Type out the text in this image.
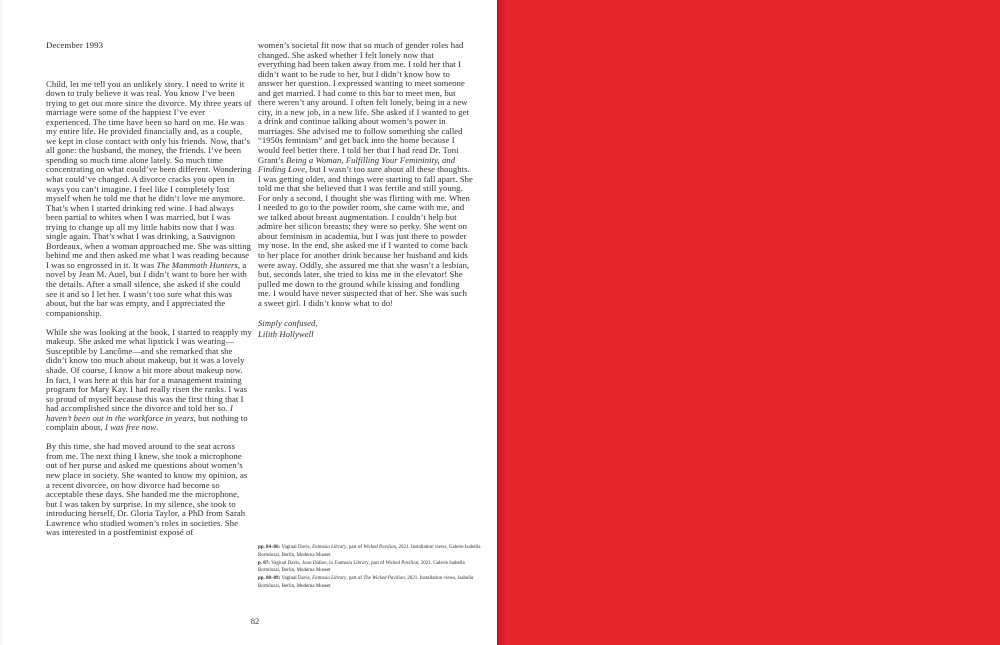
December 1993

Child, let me tell you an unlikely story. I need to write it down to truly believe it was real. You know I’ve been trying to get out more since the divorce. My three years of marriage were some of the happiest I’ve ever experienced. The time have been so hard on me. He was my entire life. He provided financially and, as a couple, we kept in close contact with only his friends. Now, that’s all gone: the husband, the money, the friends. I’ve been spending so much time alone lately. So much time concentrating on what could’ve been different. Wondering what could’ve changed. A divorce cracks you open in ways you can’t imagine. I feel like I completely lost myself when he told me that he didn’t love me anymore. That’s when I started drinking red wine. I had always been partial to whites when I was married, but I was trying to change up all my little habits now that I was single again. That’s what I was drinking, a Sauvignon Bordeaux, when a woman approached me. She was sitting behind me and then asked me what I was reading because I was so engrossed in it. It was The Mammoth Hunters, a novel by Jean M. Auel, but I didn’t want to bore her with the details. After a small silence, she asked if she could see it and so I let her. I wasn’t too sure what this was about, but the bar was empty, and I appreciated the companionship.

While she was looking at the book, I started to reapply my makeup. She asked me what lipstick I was wearing—Susceptible by Lancôme—and she remarked that she didn’t know too much about makeup, but it was a lovely shade. Of course, I know a bit more about makeup now. In fact, I was here at this bar for a management training program for Mary Kay. I had really risen the ranks. I was so proud of myself because this was the first thing that I had accomplished since the divorce and told her so. I haven’t been out in the workforce in years, but nothing to complain about, I was free now.

By this time, she had moved around to the seat across from me. The next thing I knew, she took a microphone out of her purse and asked me questions about women’s new place in society. She wanted to know my opinion, as a recent divorcee, on how divorce had become so acceptable these days. She handed me the microphone, but I was taken by surprise. In my silence, she took to introducing herself, Dr. Gloria Taylor, a PhD from Sarah Lawrence who studied women’s roles in societies. She was interested in a postfeminist exposé of

women’s societal fit now that so much of gender roles had changed. She asked whether I felt lonely now that everything had been taken away from me. I told her that I didn’t want to be rude to her, but I didn’t know how to answer her question. I expressed wanting to meet someone and get married. I had come to this bar to meet men, but there weren’t any around. I often felt lonely, being in a new city, in a new job, in a new life. She asked if I wanted to get a drink and continue talking about women’s power in marriages. She advised me to follow something she called “1950s feminism” and get back into the home because I would feel better there. I told her that I had read Dr. Toni Grant’s Being a Woman, Fulfilling Your Femininity, and Finding Love, but I wasn’t too sure about all these thoughts. I was getting older, and things were starting to fall apart. She told me that she believed that I was fertile and still young. For only a second, I thought she was flirting with me. When I needed to go to the powder room, she came with me, and we talked about breast augmentation. I couldn’t help but admire her silicon breasts; they were so perky. She went on about feminism in academia, but I was just there to powder my nose. In the end, she asked me if I wanted to come back to her place for another drink because her husband and kids were away. Oddly, she assured me that she wasn’t a lesbian, but, seconds later, she tried to kiss me in the elevator! She pulled me down to the ground while kissing and fondling me. I would have never suspected that of her. She was such a sweet girl. I didn’t know what to do!

Simply confused,
Lilith Hollywell

pp. 84–86: Vaginal Davis, Fantasia Library, part of Wicked Pavilion, 2021. Installation views, Galerie Isabella Bortolozzi, Berlin, Moderna Museet

p. 87: Vaginal Davis, Joan Didion, in Fantasia Library, part of Wicked Pavilion, 2021. Galerie Isabella Bortolozzi, Berlin, Moderna Museet

pp. 88–89: Vaginal Davis, Fantasia Library, part of The Wicked Pavilion, 2021. Installation views, Isabella Bortolozzi, Berlin, Moderna Museet

82
